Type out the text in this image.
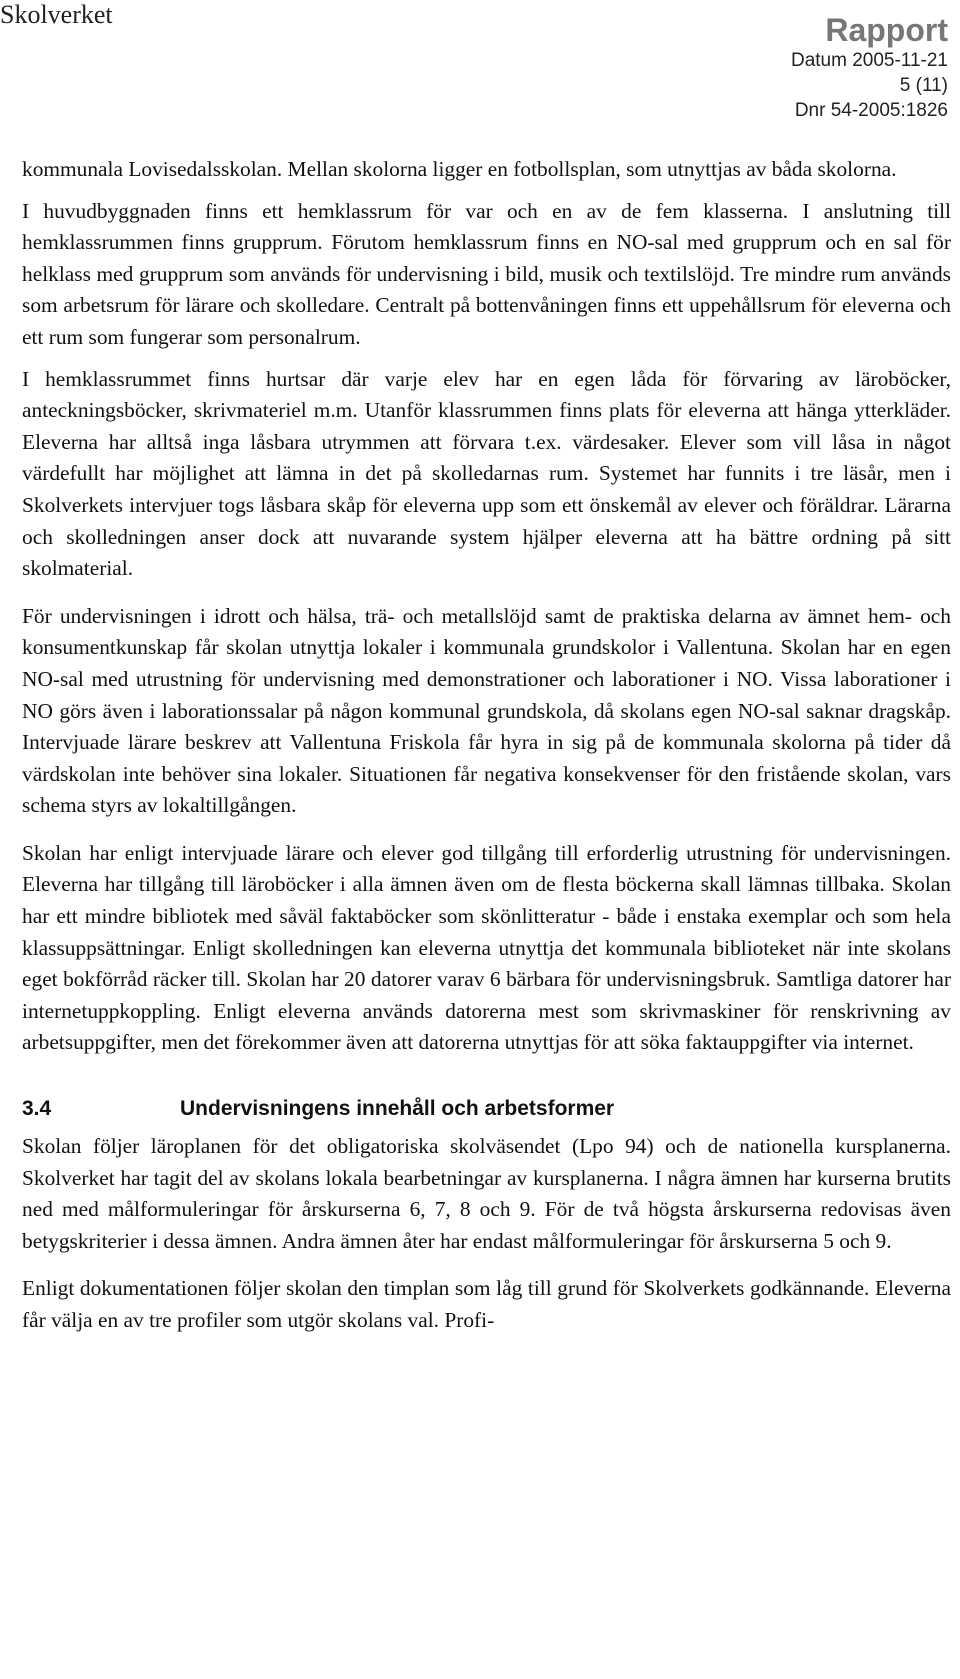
Skolverket	Rapport
Datum 2005-11-21
5 (11)
Dnr 54-2005:1826

kommunala Lovisedalsskolan. Mellan skolorna ligger en fotbollsplan, som utnyttjas av båda skolorna.

I huvudbyggnaden finns ett hemklassrum för var och en av de fem klasserna. I anslutning till hemklassrummen finns grupprum. Förutom hemklassrum finns en NO-sal med grupprum och en sal för helklass med grupprum som används för undervisning i bild, musik och textilslöjd. Tre mindre rum används som arbetsrum för lärare och skolledare. Centralt på bottenvåningen finns ett uppehållsrum för eleverna och ett rum som fungerar som personalrum.

I hemklassrummet finns hurtsar där varje elev har en egen låda för förvaring av läroböcker, anteckningsböcker, skrivmateriel m.m. Utanför klassrummen finns plats för eleverna att hänga ytterkläder. Eleverna har alltså inga låsbara utrymmen att förvara t.ex. värdesaker. Elever som vill låsa in något värdefullt har möjlighet att lämna in det på skolledarnas rum. Systemet har funnits i tre läsår, men i Skolverkets intervjuer togs låsbara skåp för eleverna upp som ett önskemål av elever och föräldrar. Lärarna och skolledningen anser dock att nuvarande system hjälper eleverna att ha bättre ordning på sitt skolmaterial.

För undervisningen i idrott och hälsa, trä- och metallslöjd samt de praktiska delarna av ämnet hem- och konsumentkunskap får skolan utnyttja lokaler i kommunala grundskolor i Vallentuna. Skolan har en egen NO-sal med utrustning för undervisning med demonstrationer och laborationer i NO. Vissa laborationer i NO görs även i laborationssalar på någon kommunal grundskola, då skolans egen NO-sal saknar dragskåp. Intervjuade lärare beskrev att Vallentuna Friskola får hyra in sig på de kommunala skolorna på tider då värdskolan inte behöver sina lokaler. Situationen får negativa konsekvenser för den fristående skolan, vars schema styrs av lokaltillgången.

Skolan har enligt intervjuade lärare och elever god tillgång till erforderlig utrustning för undervisningen. Eleverna har tillgång till läroböcker i alla ämnen även om de flesta böckerna skall lämnas tillbaka. Skolan har ett mindre bibliotek med såväl faktaböcker som skönlitteratur - både i enstaka exemplar och som hela klassuppsättningar. Enligt skolledningen kan eleverna utnyttja det kommunala biblioteket när inte skolans eget bokförråd räcker till. Skolan har 20 datorer varav 6 bärbara för undervisningsbruk. Samtliga datorer har internetuppkoppling. Enligt eleverna används datorerna mest som skrivmaskiner för renskrivning av arbetsuppgifter, men det förekommer även att datorerna utnyttjas för att söka faktauppgifter via internet.

3.4	Undervisningens innehåll och arbetsformer

Skolan följer läroplanen för det obligatoriska skolväsendet (Lpo 94) och de nationella kursplanerna. Skolverket har tagit del av skolans lokala bearbetningar av kursplanerna. I några ämnen har kurserna brutits ned med målformuleringar för årskurserna 6, 7, 8 och 9. För de två högsta årskurserna redovisas även betygskriterier i dessa ämnen. Andra ämnen åter har endast målformuleringar för årskurserna 5 och 9.

Enligt dokumentationen följer skolan den timplan som låg till grund för Skolverkets godkännande. Eleverna får välja en av tre profiler som utgör skolans val. Profi-
